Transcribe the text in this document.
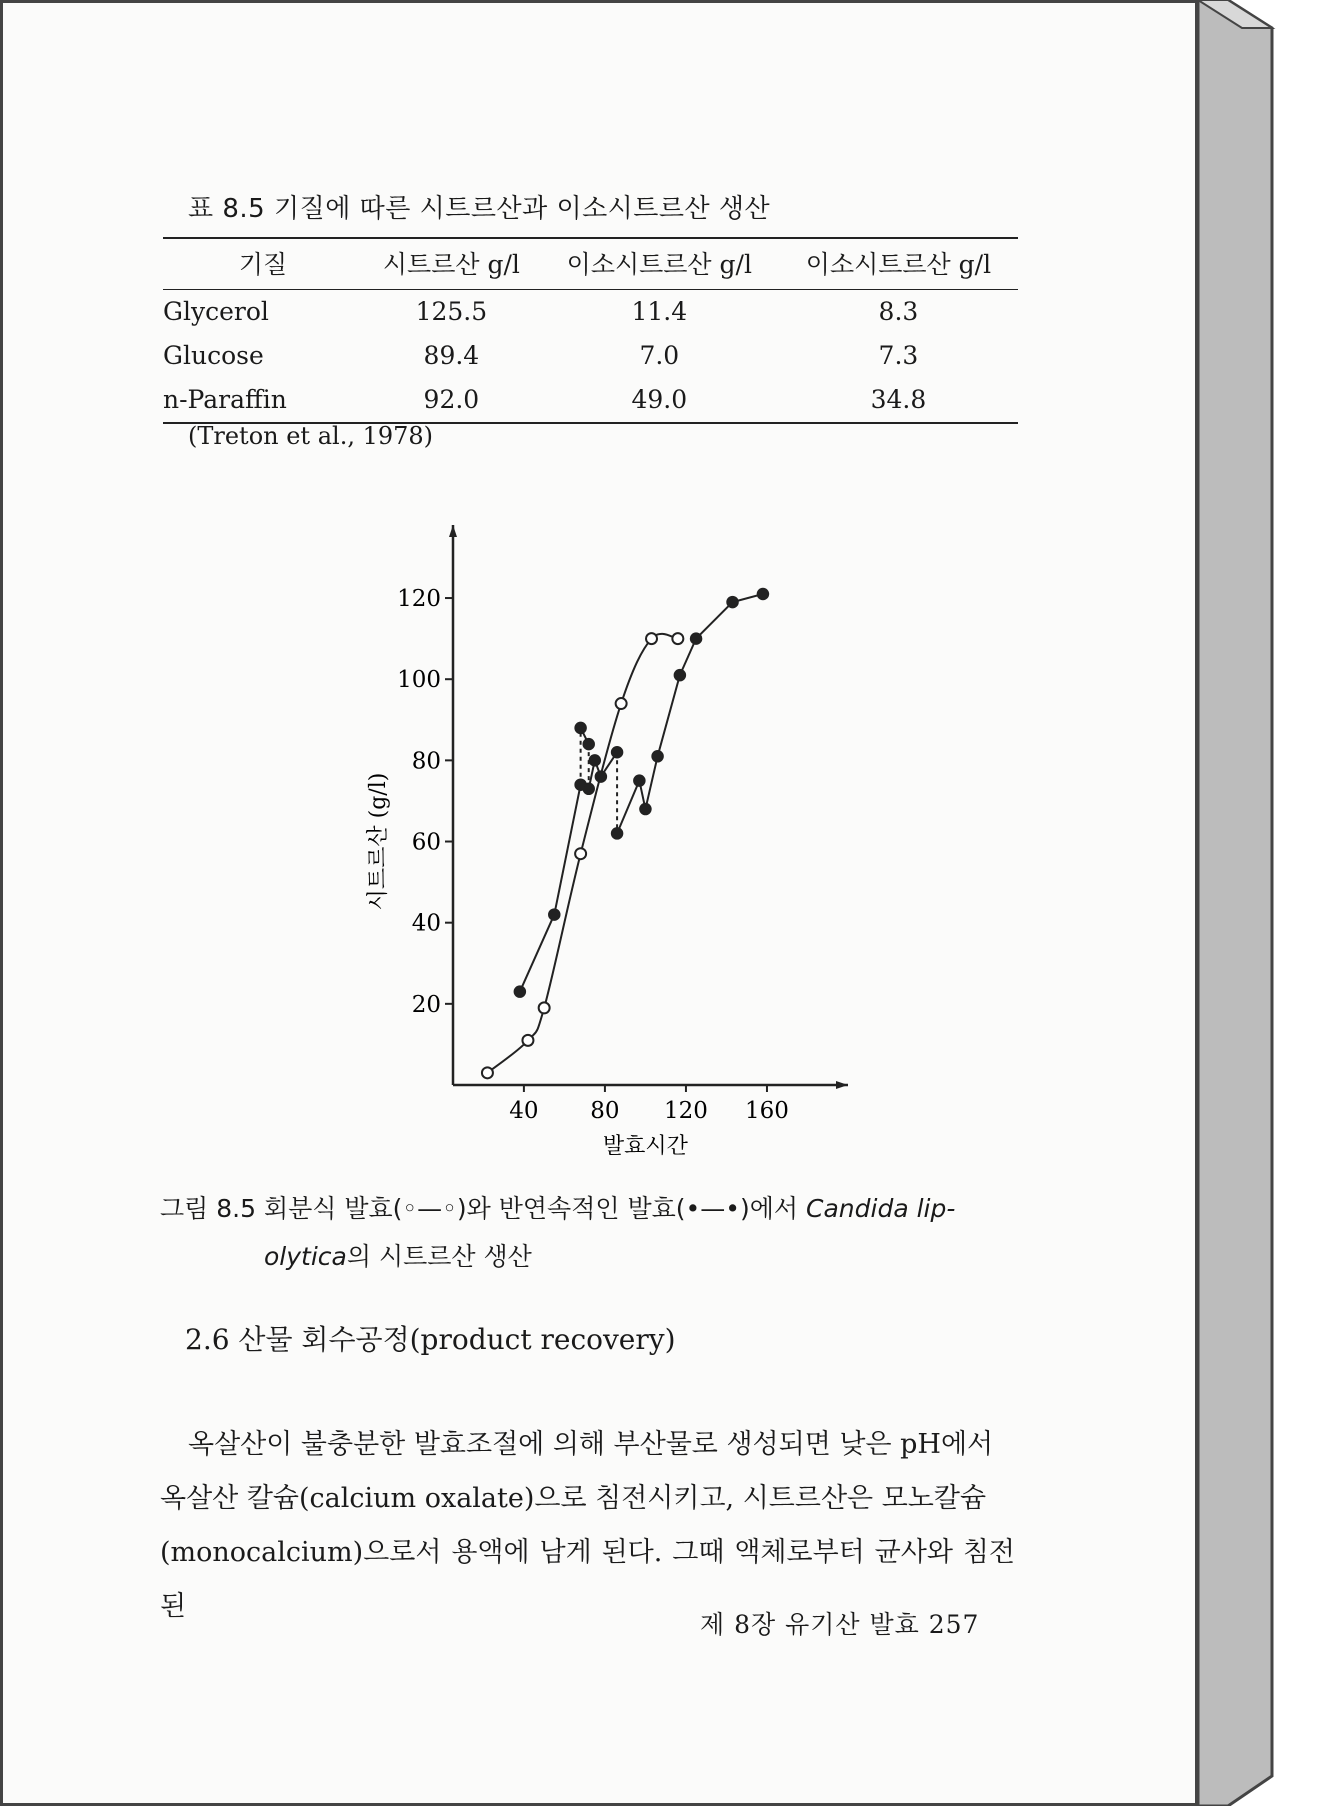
표 8.5 기질에 따른 시트르산과 이소시트르산 생산
기질	시트르산 g/l	이소시트르산 g/l	이소시트르산 g/l
Glycerol	125.5	11.4	8.3
Glucose	89.4	7.0	7.3
n-Paraffin	92.0	49.0	34.8
(Treton et al., 1978)
40 80 120 160
20
40
60
80
100
120
발효시간
시트르산 (g/l)
그림 8.5 회분식 발효(◦—◦)와 반연속적인 발효(•—•)에서 Candida lip-
olytica의 시트르산 생산
2.6 산물 회수공정(product recovery)
옥살산이 불충분한 발효조절에 의해 부산물로 생성되면 낮은 pH에서
옥살산 칼슘(calcium oxalate)으로 침전시키고, 시트르산은 모노칼슘
(monocalcium)으로서 용액에 남게 된다. 그때 액체로부터 균사와 침전된
제 8장 유기산 발효 257
